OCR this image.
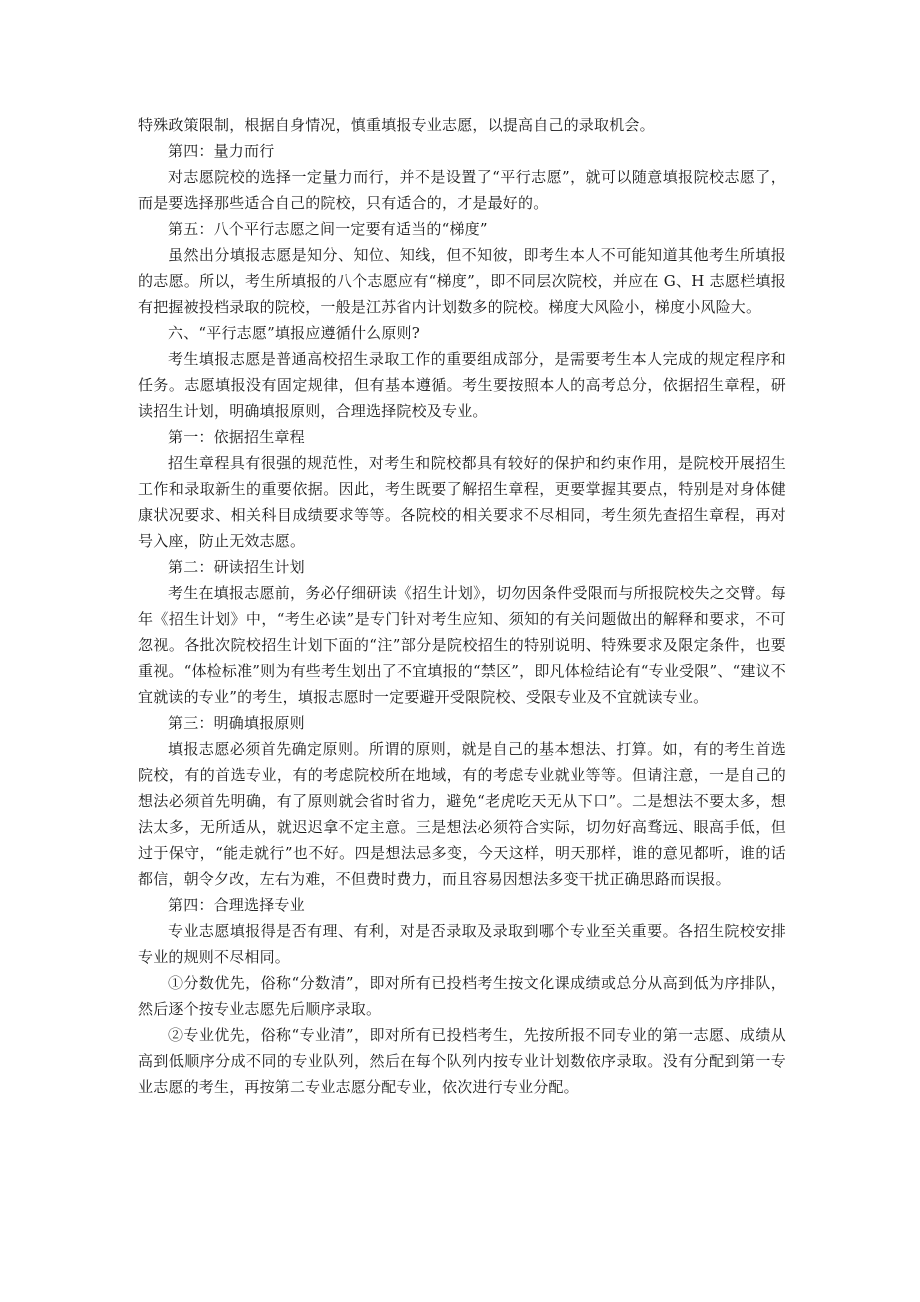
特殊政策限制，根据自身情况，慎重填报专业志愿，以提高自己的录取机会。

第四：量力而行

对志愿院校的选择一定量力而行，并不是设置了“平行志愿”，就可以随意填报院校志愿了，而是要选择那些适合自己的院校，只有适合的，才是最好的。

第五：八个平行志愿之间一定要有适当的“梯度”

虽然出分填报志愿是知分、知位、知线，但不知彼，即考生本人不可能知道其他考生所填报的志愿。所以，考生所填报的八个志愿应有“梯度”，即不同层次院校，并应在 G、H 志愿栏填报有把握被投档录取的院校，一般是江苏省内计划数多的院校。梯度大风险小，梯度小风险大。

六、“平行志愿”填报应遵循什么原则?

考生填报志愿是普通高校招生录取工作的重要组成部分，是需要考生本人完成的规定程序和任务。志愿填报没有固定规律，但有基本遵循。考生要按照本人的高考总分，依据招生章程，研读招生计划，明确填报原则，合理选择院校及专业。

第一：依据招生章程

招生章程具有很强的规范性，对考生和院校都具有较好的保护和约束作用，是院校开展招生工作和录取新生的重要依据。因此，考生既要了解招生章程，更要掌握其要点，特别是对身体健康状况要求、相关科目成绩要求等等。各院校的相关要求不尽相同，考生须先查招生章程，再对号入座，防止无效志愿。

第二：研读招生计划

考生在填报志愿前，务必仔细研读《招生计划》，切勿因条件受限而与所报院校失之交臂。每年《招生计划》中，“考生必读”是专门针对考生应知、须知的有关问题做出的解释和要求，不可忽视。各批次院校招生计划下面的“注”部分是院校招生的特别说明、特殊要求及限定条件，也要重视。“体检标准”则为有些考生划出了不宜填报的“禁区”，即凡体检结论有“专业受限”、“建议不宜就读的专业”的考生，填报志愿时一定要避开受限院校、受限专业及不宜就读专业。

第三：明确填报原则

填报志愿必须首先确定原则。所谓的原则，就是自己的基本想法、打算。如，有的考生首选院校，有的首选专业，有的考虑院校所在地域，有的考虑专业就业等等。但请注意，一是自己的想法必须首先明确，有了原则就会省时省力，避免“老虎吃天无从下口”。二是想法不要太多，想法太多，无所适从，就迟迟拿不定主意。三是想法必须符合实际，切勿好高骛远、眼高手低，但过于保守，“能走就行”也不好。四是想法忌多变，今天这样，明天那样，谁的意见都听，谁的话都信，朝令夕改，左右为难，不但费时费力，而且容易因想法多变干扰正确思路而误报。

第四：合理选择专业

专业志愿填报得是否有理、有利，对是否录取及录取到哪个专业至关重要。各招生院校安排专业的规则不尽相同。

①分数优先，俗称“分数清”，即对所有已投档考生按文化课成绩或总分从高到低为序排队，然后逐个按专业志愿先后顺序录取。

②专业优先，俗称“专业清”，即对所有已投档考生，先按所报不同专业的第一志愿、成绩从高到低顺序分成不同的专业队列，然后在每个队列内按专业计划数依序录取。没有分配到第一专业志愿的考生，再按第二专业志愿分配专业，依次进行专业分配。
